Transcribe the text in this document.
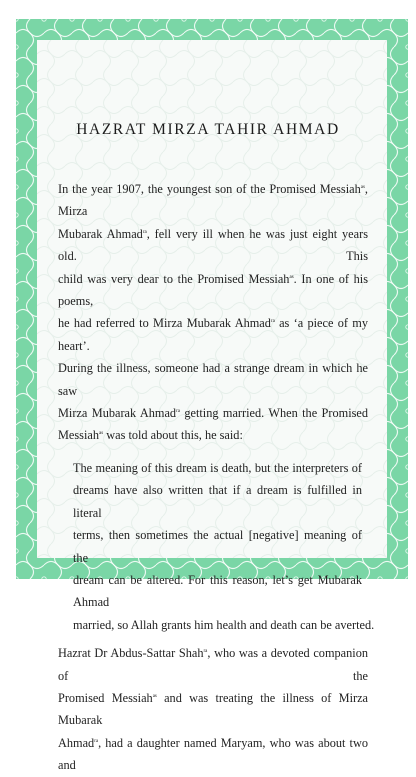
HAZRAT MIRZA TAHIR AHMAD

In the year 1907, the youngest son of the Promised Messiah$^{as}$, Mirza
Mubarak Ahmad$^{ra}$, fell very ill when he was just eight years old. This
child was very dear to the Promised Messiah$^{as}$. In one of his poems,
he had referred to Mirza Mubarak Ahmad$^{ra}$ as ‘a piece of my heart’.
During the illness, someone had a strange dream in which he saw
Mirza Mubarak Ahmad$^{ra}$ getting married. When the Promised
Messiah$^{as}$ was told about this, he said:

The meaning of this dream is death, but the interpreters of
dreams have also written that if a dream is fulfilled in literal
terms, then sometimes the actual [negative] meaning of the
dream can be altered. For this reason, let’s get Mubarak Ahmad
married, so Allah grants him health and death can be averted.

Hazrat Dr Abdus-Sattar Shah$^{ra}$, who was a devoted companion of the
Promised Messiah$^{as}$ and was treating the illness of Mirza Mubarak
Ahmad$^{ra}$, had a daughter named Maryam, who was about two and
